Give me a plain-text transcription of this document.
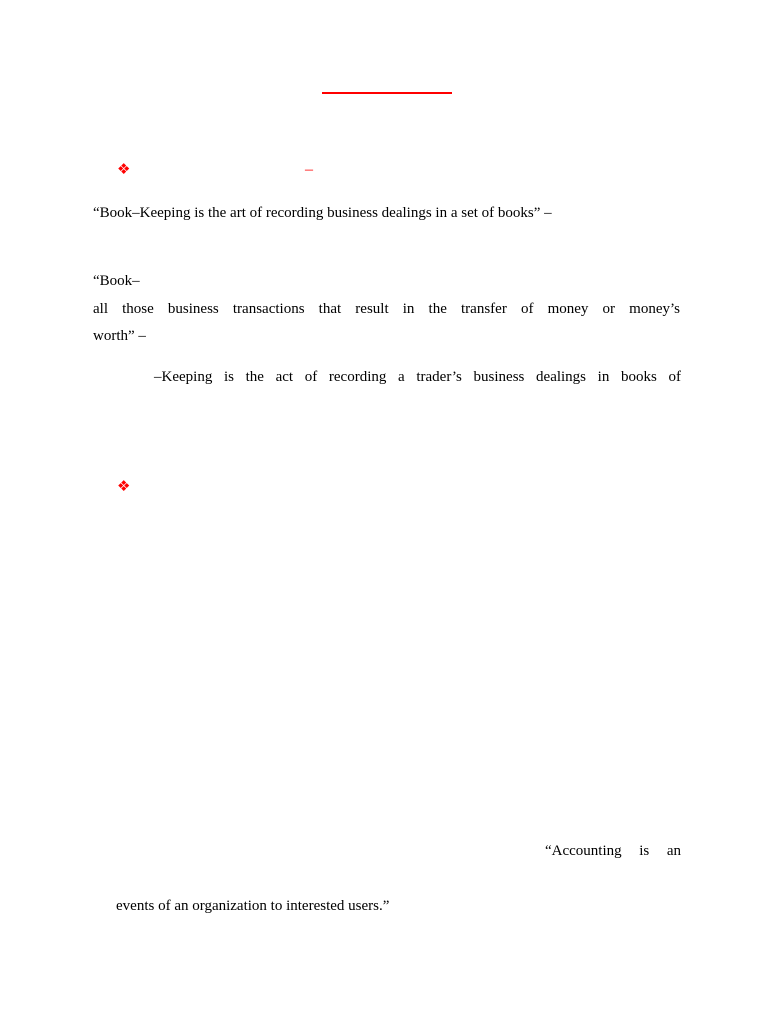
❖	–
“Book–Keeping is the art of recording business dealings in a set of books” –
“Book–
all those business transactions that result in the transfer of money or money’s
worth” –
–Keeping is the act of recording a trader’s business dealings in books of
❖
“Accounting is an
events of an organization to interested users.”
